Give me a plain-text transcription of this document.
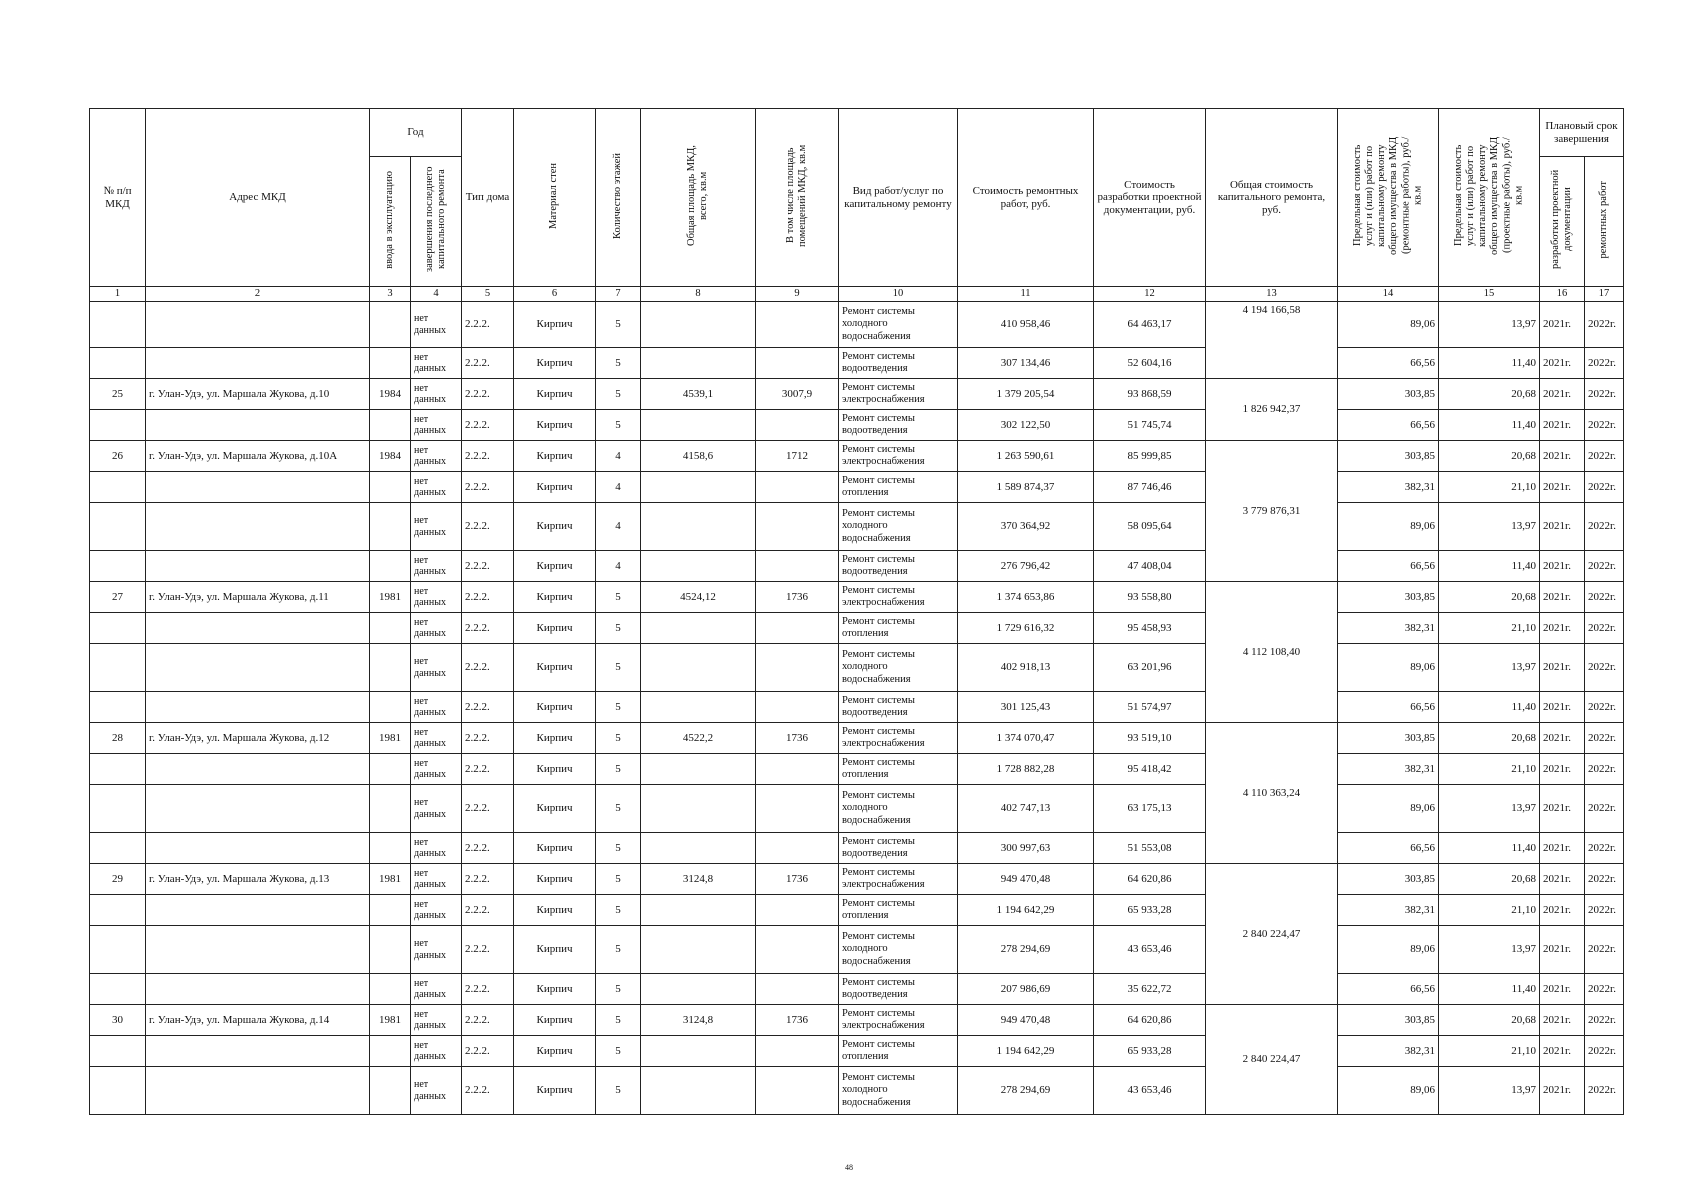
№ п/п МКД	Адрес МКД	Год		Тип дома	Материал стен	Количество этажей	Общая площадь МКД, всего, кв.м	В том числе площадь помещений МКД, кв.м	Вид работ/услуг по капитальному ремонту	Стоимость ремонтных работ, руб.	Стоимость разработки проектной документации, руб.	Общая стоимость капитального ремонта, руб.	Предельная стоимость услуг и (или) работ по капитальному ремонту общего имущества в МКД (ремонтные работы), руб./кв.м	Предельная стоимость услуг и (или) работ по капитальному ремонту общего имущества в МКД (проектные работы), руб./кв.м	Плановый срок завершения	
		ввода в эксплуатацию	завершения последнего капитального ремонта												разработки проектной документации	ремонтных работ
1	2	3	4	5	6	7	8	9	10	11	12	13	14	15	16	17
			нет данных	2.2.2.	Кирпич	5			Ремонт системы холодного водоснабжения	410 958,46	64 463,17	4 194 166,58	89,06	13,97	2021г.	2022г.
			нет данных	2.2.2.	Кирпич	5			Ремонт системы водоотведения	307 134,46	52 604,16		66,56	11,40	2021г.	2022г.
25	г. Улан-Удэ, ул. Маршала Жукова, д.10	1984	нет данных	2.2.2.	Кирпич	5	4539,1	3007,9	Ремонт системы электроснабжения	1 379 205,54	93 868,59	1 826 942,37	303,85	20,68	2021г.	2022г.
			нет данных	2.2.2.	Кирпич	5			Ремонт системы водоотведения	302 122,50	51 745,74		66,56	11,40	2021г.	2022г.
26	г. Улан-Удэ, ул. Маршала Жукова, д.10А	1984	нет данных	2.2.2.	Кирпич	4	4158,6	1712	Ремонт системы электроснабжения	1 263 590,61	85 999,85	3 779 876,31	303,85	20,68	2021г.	2022г.
			нет данных	2.2.2.	Кирпич	4			Ремонт системы отопления	1 589 874,37	87 746,46		382,31	21,10	2021г.	2022г.
			нет данных	2.2.2.	Кирпич	4			Ремонт системы холодного водоснабжения	370 364,92	58 095,64		89,06	13,97	2021г.	2022г.
			нет данных	2.2.2.	Кирпич	4			Ремонт системы водоотведения	276 796,42	47 408,04		66,56	11,40	2021г.	2022г.
27	г. Улан-Удэ, ул. Маршала Жукова, д.11	1981	нет данных	2.2.2.	Кирпич	5	4524,12	1736	Ремонт системы электроснабжения	1 374 653,86	93 558,80	4 112 108,40	303,85	20,68	2021г.	2022г.
			нет данных	2.2.2.	Кирпич	5			Ремонт системы отопления	1 729 616,32	95 458,93		382,31	21,10	2021г.	2022г.
			нет данных	2.2.2.	Кирпич	5			Ремонт системы холодного водоснабжения	402 918,13	63 201,96		89,06	13,97	2021г.	2022г.
			нет данных	2.2.2.	Кирпич	5			Ремонт системы водоотведения	301 125,43	51 574,97		66,56	11,40	2021г.	2022г.
28	г. Улан-Удэ, ул. Маршала Жукова, д.12	1981	нет данных	2.2.2.	Кирпич	5	4522,2	1736	Ремонт системы электроснабжения	1 374 070,47	93 519,10	4 110 363,24	303,85	20,68	2021г.	2022г.
			нет данных	2.2.2.	Кирпич	5			Ремонт системы отопления	1 728 882,28	95 418,42		382,31	21,10	2021г.	2022г.
			нет данных	2.2.2.	Кирпич	5			Ремонт системы холодного водоснабжения	402 747,13	63 175,13		89,06	13,97	2021г.	2022г.
			нет данных	2.2.2.	Кирпич	5			Ремонт системы водоотведения	300 997,63	51 553,08		66,56	11,40	2021г.	2022г.
29	г. Улан-Удэ, ул. Маршала Жукова, д.13	1981	нет данных	2.2.2.	Кирпич	5	3124,8	1736	Ремонт системы электроснабжения	949 470,48	64 620,86	2 840 224,47	303,85	20,68	2021г.	2022г.
			нет данных	2.2.2.	Кирпич	5			Ремонт системы отопления	1 194 642,29	65 933,28		382,31	21,10	2021г.	2022г.
			нет данных	2.2.2.	Кирпич	5			Ремонт системы холодного водоснабжения	278 294,69	43 653,46		89,06	13,97	2021г.	2022г.
			нет данных	2.2.2.	Кирпич	5			Ремонт системы водоотведения	207 986,69	35 622,72		66,56	11,40	2021г.	2022г.
30	г. Улан-Удэ, ул. Маршала Жукова, д.14	1981	нет данных	2.2.2.	Кирпич	5	3124,8	1736	Ремонт системы электроснабжения	949 470,48	64 620,86	2 840 224,47	303,85	20,68	2021г.	2022г.
			нет данных	2.2.2.	Кирпич	5			Ремонт системы отопления	1 194 642,29	65 933,28		382,31	21,10	2021г.	2022г.
			нет данных	2.2.2.	Кирпич	5			Ремонт системы холодного водоснабжения	278 294,69	43 653,46		89,06	13,97	2021г.	2022г.
48
